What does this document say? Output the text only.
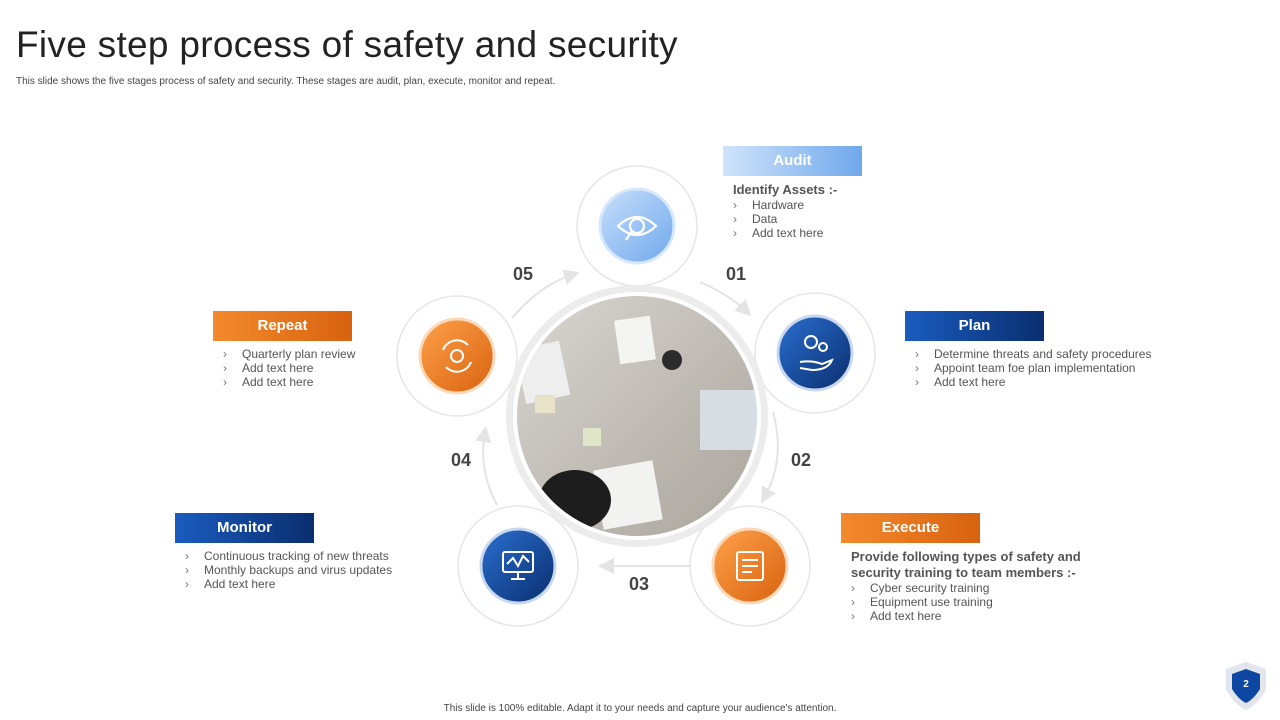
Five step process of safety and security
This slide shows the five stages process of safety and security. These stages are audit, plan, execute, monitor and repeat.
2
01
02
03
04
05
Audit
Identify Assets :-
› Hardware
› Data
› Add text here
Plan
› Determine threats and safety procedures
› Appoint team foe plan implementation
› Add text here
Execute
Provide following types of safety and
security training to team members :-
› Cyber security training
› Equipment use training
› Add text here
Monitor
› Continuous tracking of new threats
› Monthly backups and virus updates
› Add text here
Repeat
› Quarterly plan review
› Add text here
› Add text here
This slide is 100% editable. Adapt it to your needs and capture your audience's attention.
